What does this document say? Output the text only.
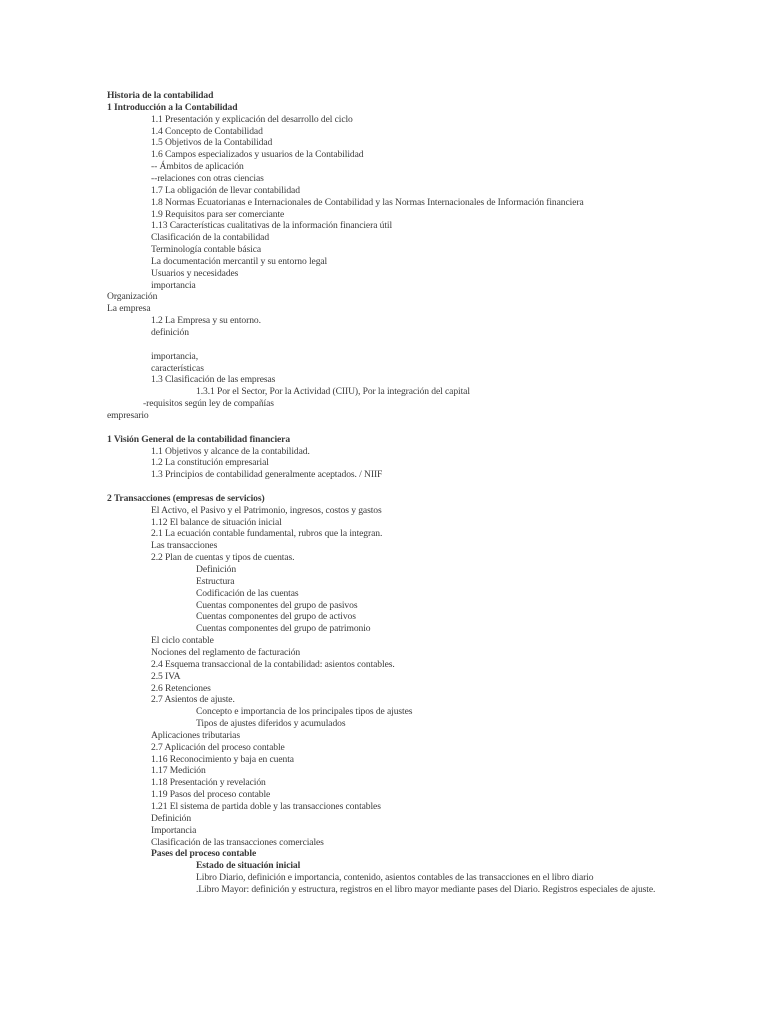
Historia de la contabilidad
1 Introducción a la Contabilidad
1.1 Presentación y explicación del desarrollo del ciclo
1.4 Concepto de Contabilidad
1.5 Objetivos de la Contabilidad
1.6 Campos especializados y usuarios de la Contabilidad
-- Ámbitos de aplicación
--relaciones con otras ciencias
1.7 La obligación de llevar contabilidad
1.8 Normas Ecuatorianas e Internacionales de Contabilidad y las Normas Internacionales de Información financiera
1.9 Requisitos para ser comerciante
1.13 Características cualitativas de la información financiera útil
Clasificación de la contabilidad
Terminología contable básica
La documentación mercantil y su entorno legal
Usuarios y necesidades
importancia
Organización
La empresa
1.2 La Empresa y su entorno.
definición
importancia,
características
1.3 Clasificación de las empresas
1.3.1 Por el Sector, Por la Actividad (CIIU), Por la integración del capital
-requisitos según ley de compañías
empresario
1 Visión General de la contabilidad financiera
1.1 Objetivos y alcance de la contabilidad.
1.2 La constitución empresarial
1.3 Principios de contabilidad generalmente aceptados. / NIIF
2 Transacciones (empresas de servicios)
El Activo, el Pasivo y el Patrimonio, ingresos, costos y gastos
1.12 El balance de situación inicial
2.1 La ecuación contable fundamental, rubros que la integran.
Las transacciones
2.2 Plan de cuentas y tipos de cuentas.
Definición
Estructura
Codificación de las cuentas
Cuentas componentes del grupo de pasivos
Cuentas componentes del grupo de activos
Cuentas componentes del grupo de patrimonio
El ciclo contable
Nociones del reglamento de facturación
2.4 Esquema transaccional de la contabilidad: asientos contables.
2.5 IVA
2.6 Retenciones
2.7 Asientos de ajuste.
Concepto e importancia de los principales tipos de ajustes
Tipos de ajustes diferidos y acumulados
Aplicaciones tributarias
2.7 Aplicación del proceso contable
1.16 Reconocimiento y baja en cuenta
1.17 Medición
1.18 Presentación y revelación
1.19 Pasos del proceso contable
1.21 El sistema de partida doble y las transacciones contables
Definición
Importancia
Clasificación de las transacciones comerciales
Pases del proceso contable
Estado de situación inicial
Libro Diario, definición e importancia, contenido, asientos contables de las transacciones en el libro diario
.Libro Mayor: definición y estructura, registros en el libro mayor mediante pases del Diario. Registros especiales de ajuste.
